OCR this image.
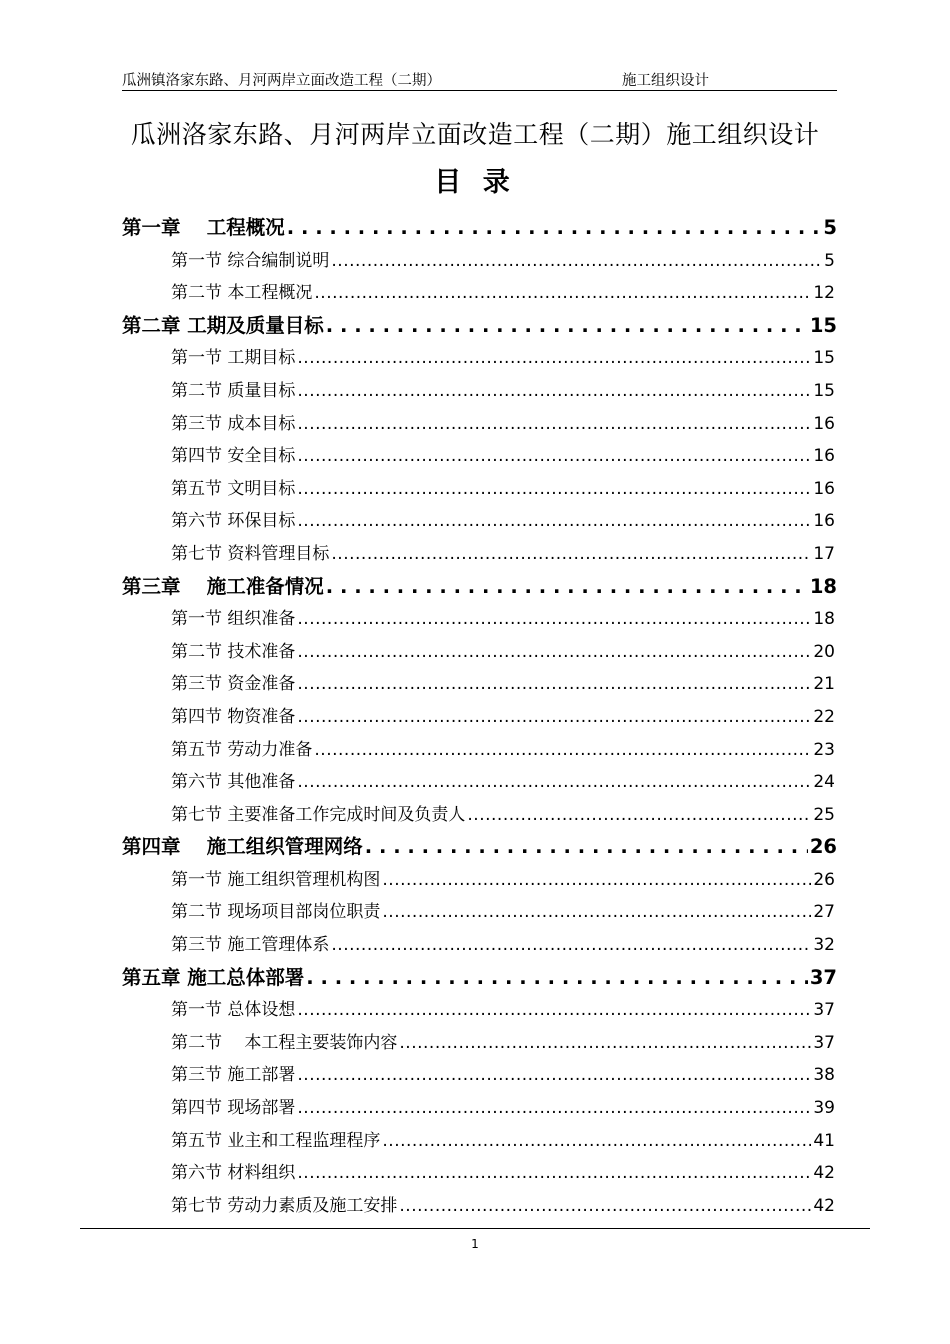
瓜洲镇洛家东路、月河两岸立面改造工程（二期）	施工组织设计
瓜洲洛家东路、月河两岸立面改造工程（二期）施工组织设计
目 录
第一章　 工程概况 . . .	5
第一节 综合编制说明 .....	5
第二节 本工程概况 .....	12
第二章 工期及质量目标 . . .	15
第一节 工期目标 .....	15
第二节 质量目标 .....	15
第三节 成本目标 .....	16
第四节 安全目标 .....	16
第五节 文明目标 .....	16
第六节 环保目标 .....	16
第七节 资料管理目标 .....	17
第三章　 施工准备情况 . . .	18
第一节 组织准备 .....	18
第二节 技术准备 .....	20
第三节 资金准备 .....	21
第四节 物资准备 .....	22
第五节 劳动力准备 .....	23
第六节 其他准备 .....	24
第七节 主要准备工作完成时间及负责人 .....	25
第四章　 施工组织管理网络 . . .	26
第一节 施工组织管理机构图 .....	26
第二节 现场项目部岗位职责 .....	27
第三节 施工管理体系 .....	32
第五章 施工总体部署 . . .	37
第一节 总体设想 .....	37
第二节　 本工程主要装饰内容 .....	37
第三节 施工部署 .....	38
第四节 现场部署 .....	39
第五节 业主和工程监理程序 .....	41
第六节 材料组织 .....	42
第七节 劳动力素质及施工安排 .....	42
1
